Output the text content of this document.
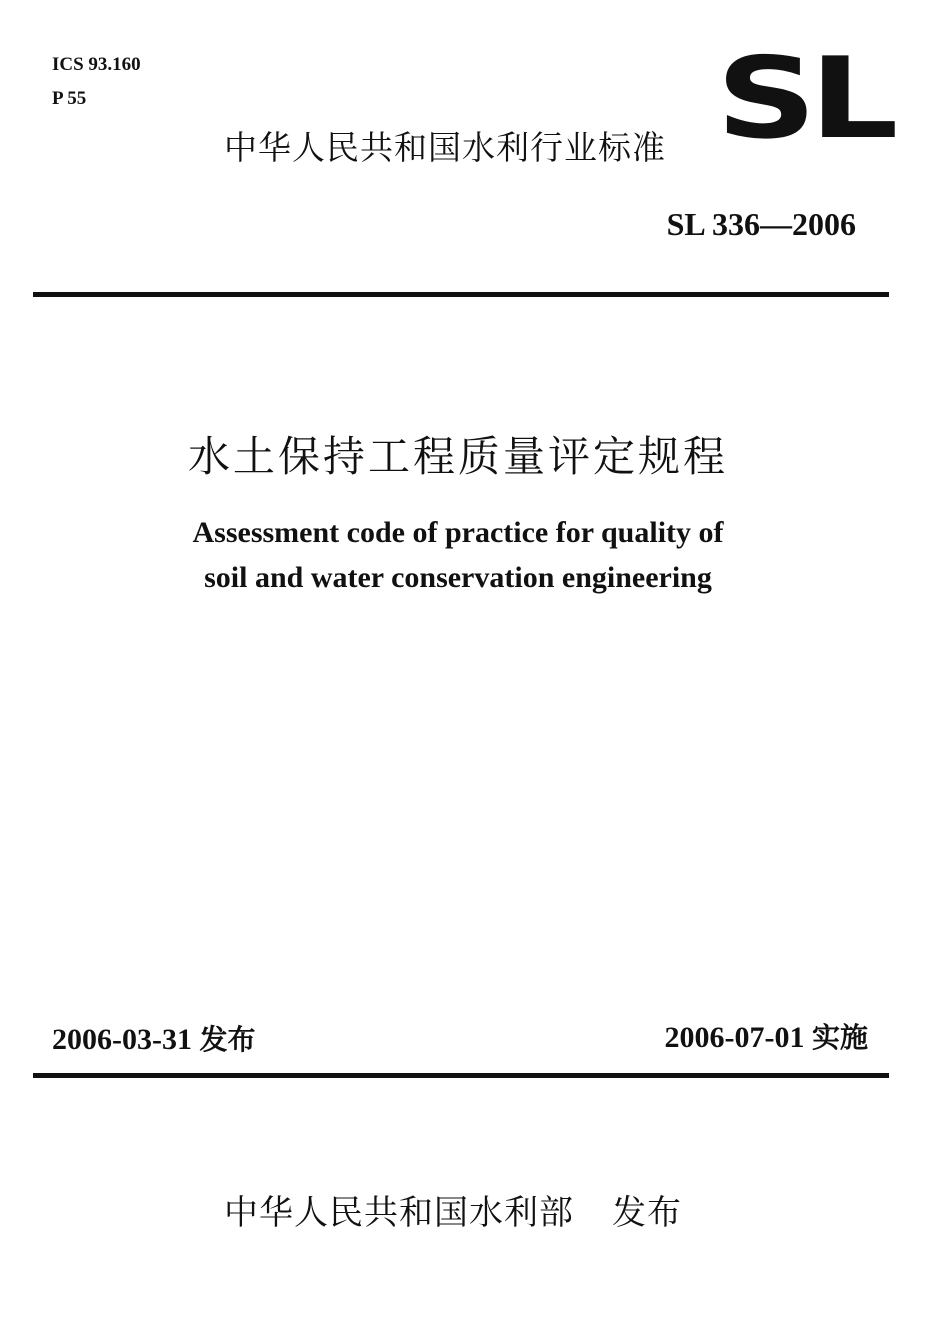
ICS 93.160
P 55	SL
中华人民共和国水利行业标准
SL 336—2006
水土保持工程质量评定规程
Assessment code of practice for quality of
soil and water conservation engineering
2006-03-31 发布	2006-07-01 实施
中华人民共和国水利部 发布
